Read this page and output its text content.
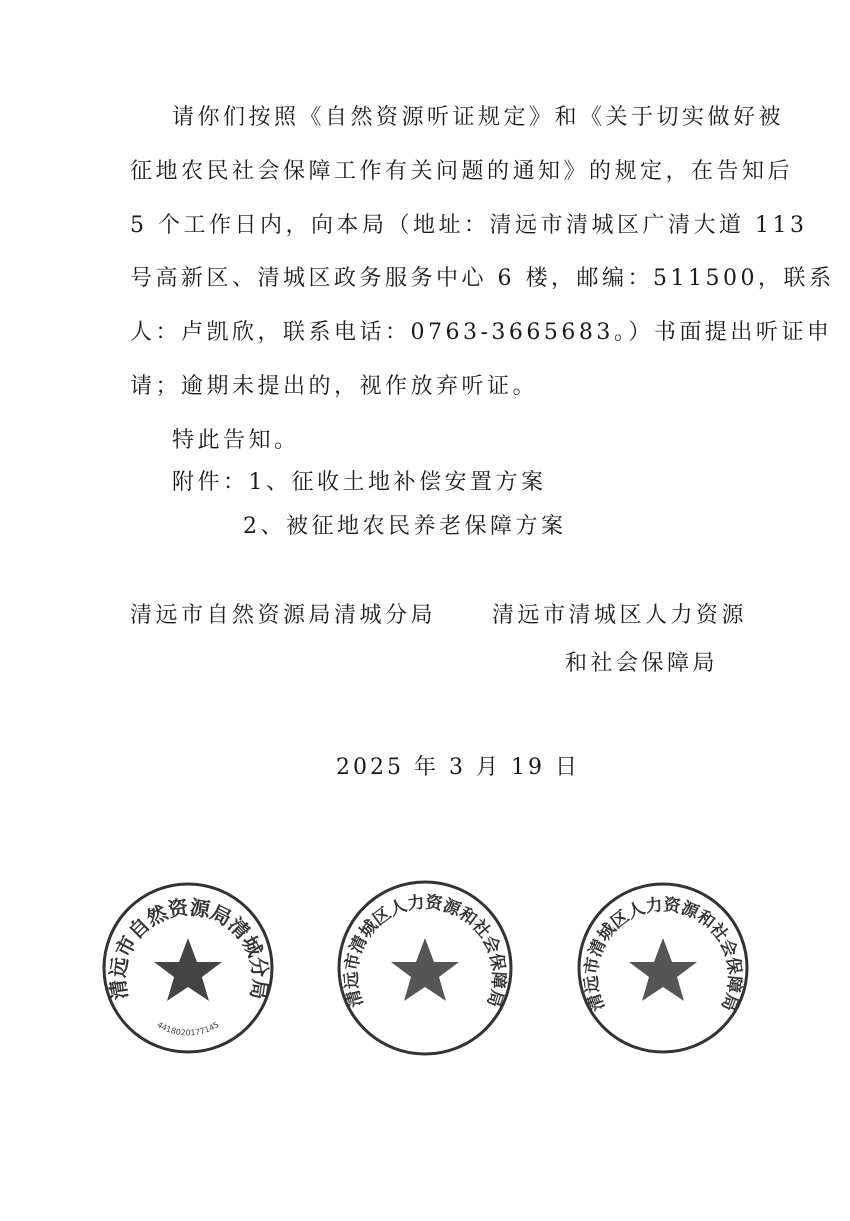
请你们按照《自然资源听证规定》和《关于切实做好被
征地农民社会保障工作有关问题的通知》的规定，在告知后
5 个工作日内，向本局（地址：清远市清城区广清大道 113
号高新区、清城区政务服务中心 6 楼，邮编：511500，联系
人：卢凯欣，联系电话：0763-3665683。）书面提出听证申
请；逾期未提出的，视作放弃听证。
特此告知。
附件：1、征收土地补偿安置方案
2、被征地农民养老保障方案
清远市自然资源局清城分局	清远市清城区人力资源
和社会保障局
2025 年 3 月 19 日
清远市自然资源局清城分局
4418020177145
清远市清城区人力资源和社会保障局	清远市清城区人力资源和社会保障局
